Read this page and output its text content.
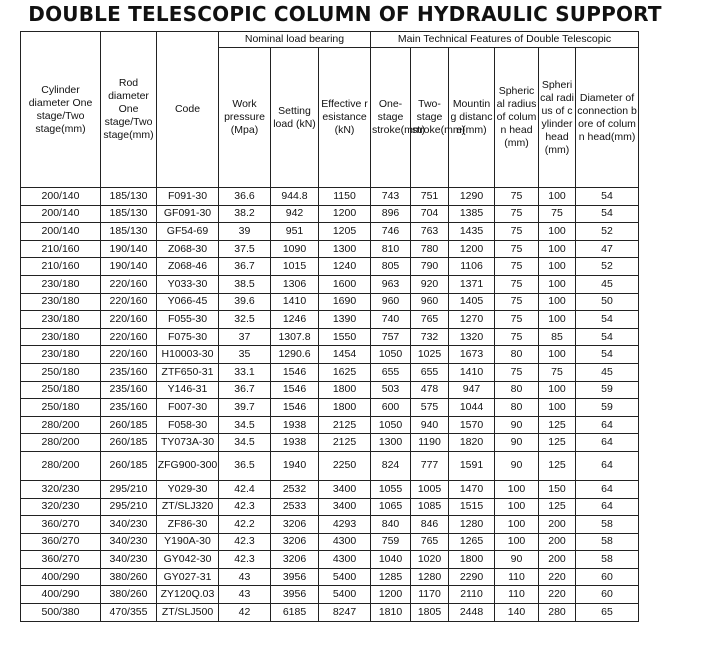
DOUBLE TELESCOPIC COLUMN OF HYDRAULIC SUPPORT
Cylinder diameter One stage/Two stage(mm)	Rod diameter One stage/Two stage(mm)	Code	Nominal load bearing			Main Technical Features of Double Telescopic					
			Work pressure (Mpa)	Setting load (kN)	Effective resistance(kN)	One-stage stroke(mm)	Two-stage stroke(mm)	Mounting distance(mm)	Spherical radius of column head(mm)	Spherical radius of cylinder head(mm)	Diameter of connection bore of column head(mm)
200/140	185/130	F091-30	36.6	944.8	1150	743	751	1290	75	100	54
200/140	185/130	GF091-30	38.2	942	1200	896	704	1385	75	75	54
200/140	185/130	GF54-69	39	951	1205	746	763	1435	75	100	52
210/160	190/140	Z068-30	37.5	1090	1300	810	780	1200	75	100	47
210/160	190/140	Z068-46	36.7	1015	1240	805	790	1106	75	100	52
230/180	220/160	Y033-30	38.5	1306	1600	963	920	1371	75	100	45
230/180	220/160	Y066-45	39.6	1410	1690	960	960	1405	75	100	50
230/180	220/160	F055-30	32.5	1246	1390	740	765	1270	75	100	54
230/180	220/160	F075-30	37	1307.8	1550	757	732	1320	75	85	54
230/180	220/160	H10003-30	35	1290.6	1454	1050	1025	1673	80	100	54
250/180	235/160	ZTF650-31	33.1	1546	1625	655	655	1410	75	75	45
250/180	235/160	Y146-31	36.7	1546	1800	503	478	947	80	100	59
250/180	235/160	F007-30	39.7	1546	1800	600	575	1044	80	100	59
280/200	260/185	F058-30	34.5	1938	2125	1050	940	1570	90	125	64
280/200	260/185	TY073A-30	34.5	1938	2125	1300	1190	1820	90	125	64
280/200	260/185	ZFG900-300	36.5	1940	2250	824	777	1591	90	125	64
320/230	295/210	Y029-30	42.4	2532	3400	1055	1005	1470	100	150	64
320/230	295/210	ZT/SLJ320	42.3	2533	3400	1065	1085	1515	100	125	64
360/270	340/230	ZF86-30	42.2	3206	4293	840	846	1280	100	200	58
360/270	340/230	Y190A-30	42.3	3206	4300	759	765	1265	100	200	58
360/270	340/230	GY042-30	42.3	3206	4300	1040	1020	1800	90	200	58
400/290	380/260	GY027-31	43	3956	5400	1285	1280	2290	110	220	60
400/290	380/260	ZY120Q.03	43	3956	5400	1200	1170	2110	110	220	60
500/380	470/355	ZT/SLJ500	42	6185	8247	1810	1805	2448	140	280	65
